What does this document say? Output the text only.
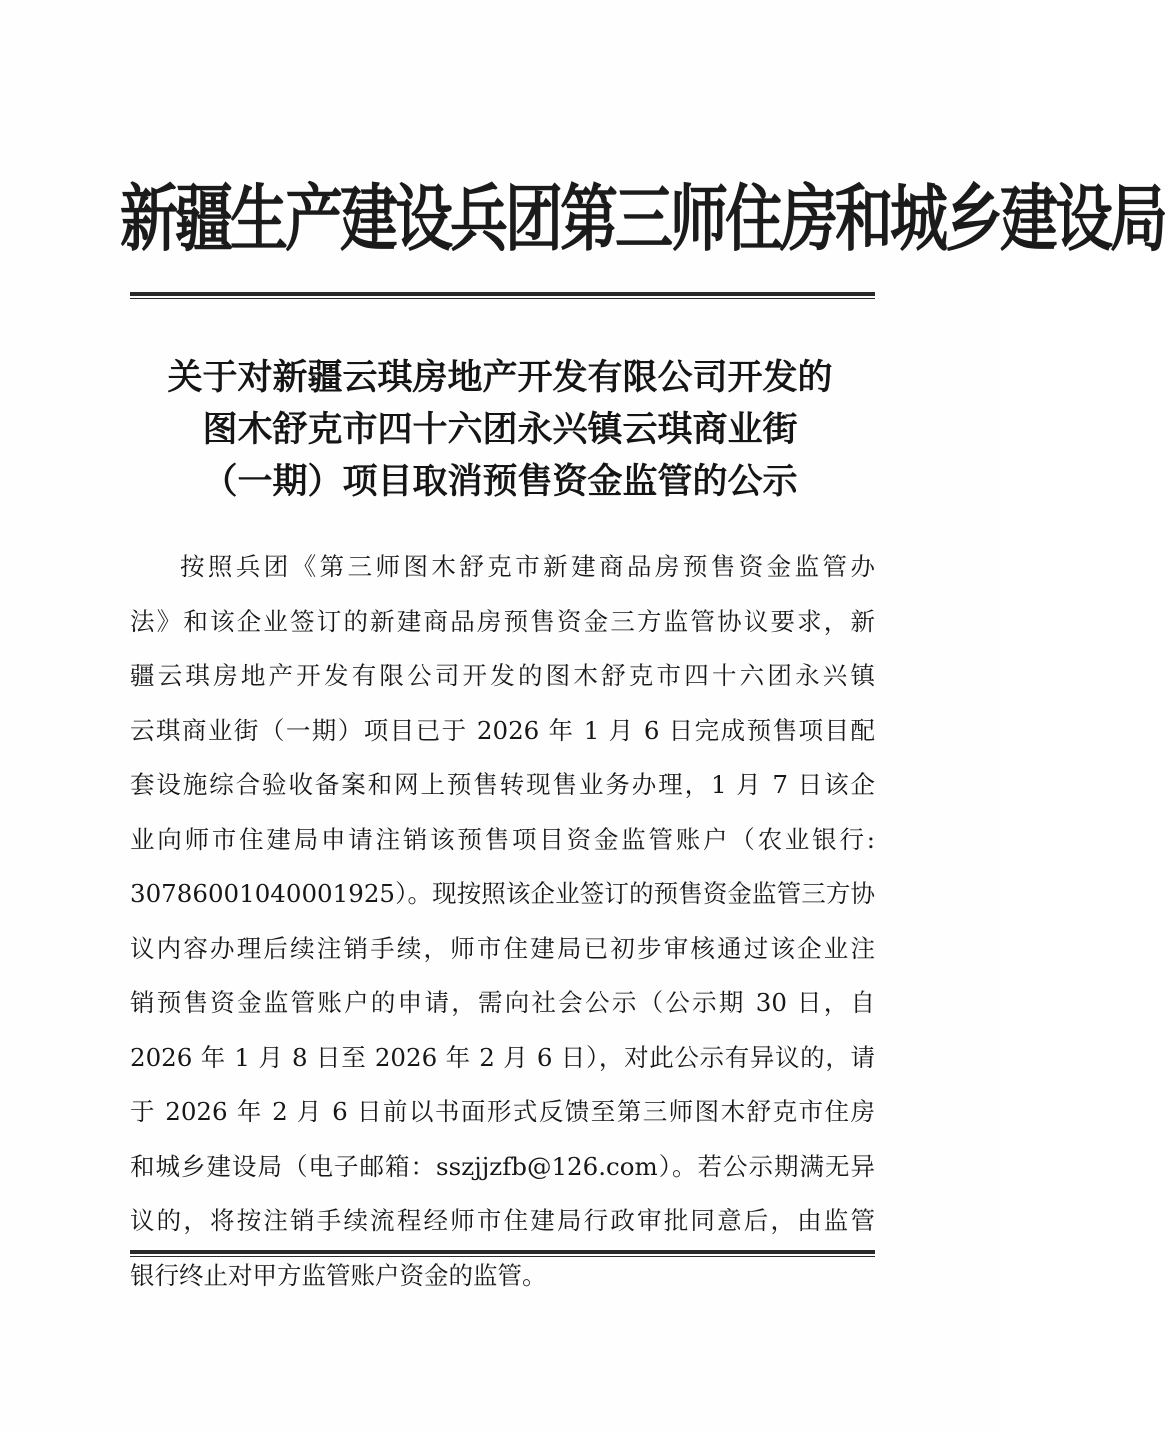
新疆生产建设兵团第三师住房和城乡建设局
关于对新疆云琪房地产开发有限公司开发的
图木舒克市四十六团永兴镇云琪商业街
（一期）项目取消预售资金监管的公示
按照兵团《第三师图木舒克市新建商品房预售资金监管办
法》和该企业签订的新建商品房预售资金三方监管协议要求，新
疆云琪房地产开发有限公司开发的图木舒克市四十六团永兴镇
云琪商业街（一期）项目已于 2026 年 1 月 6 日完成预售项目配
套设施综合验收备案和网上预售转现售业务办理，1 月 7 日该企
业向师市住建局申请注销该预售项目资金监管账户（农业银行:
30786001040001925）。现按照该企业签订的预售资金监管三方协
议内容办理后续注销手续，师市住建局已初步审核通过该企业注
销预售资金监管账户的申请，需向社会公示（公示期 30 日，自
2026 年 1 月 8 日至 2026 年 2 月 6 日），对此公示有异议的，请
于 2026 年 2 月 6 日前以书面形式反馈至第三师图木舒克市住房
和城乡建设局（电子邮箱：sszjjzfb@126.com）。若公示期满无异
议的，将按注销手续流程经师市住建局行政审批同意后，由监管
银行终止对甲方监管账户资金的监管。
